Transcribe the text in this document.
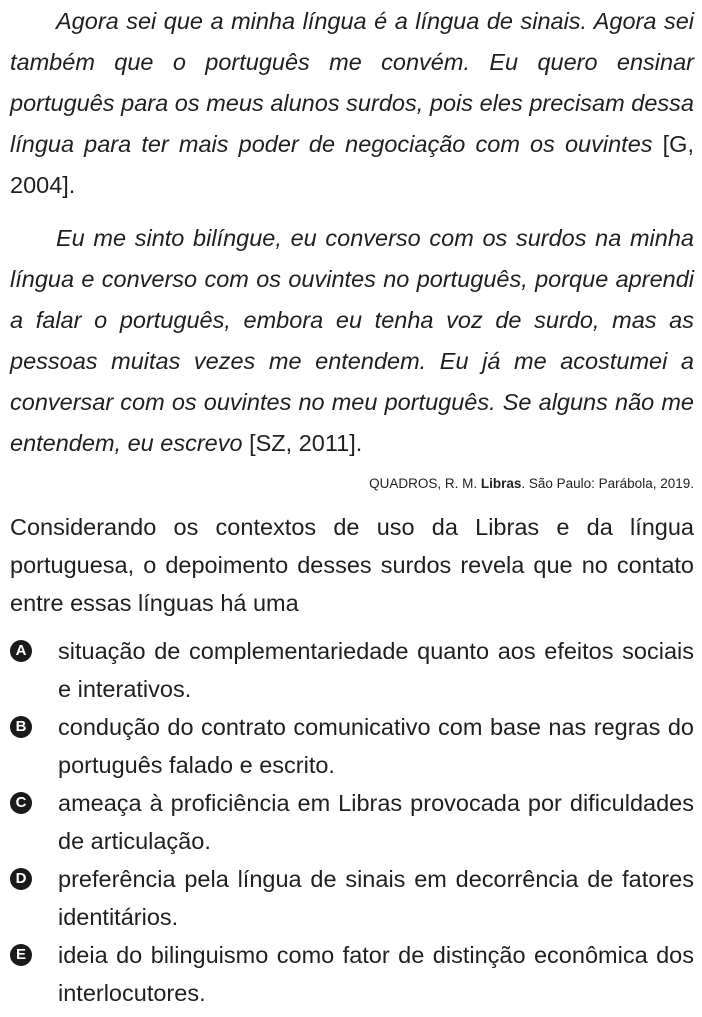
Agora sei que a minha língua é a língua de sinais. Agora sei também que o português me convém. Eu quero ensinar português para os meus alunos surdos, pois eles precisam dessa língua para ter mais poder de negociação com os ouvintes [G, 2004].

Eu me sinto bilíngue, eu converso com os surdos na minha língua e converso com os ouvintes no português, porque aprendi a falar o português, embora eu tenha voz de surdo, mas as pessoas muitas vezes me entendem. Eu já me acostumei a conversar com os ouvintes no meu português. Se alguns não me entendem, eu escrevo [SZ, 2011].

QUADROS, R. M. Libras. São Paulo: Parábola, 2019.

Considerando os contextos de uso da Libras e da língua portuguesa, o depoimento desses surdos revela que no contato entre essas línguas há uma

A situação de complementariedade quanto aos efeitos sociais e interativos.
B condução do contrato comunicativo com base nas regras do português falado e escrito.
C ameaça à proficiência em Libras provocada por dificuldades de articulação.
D preferência pela língua de sinais em decorrência de fatores identitários.
E ideia do bilinguismo como fator de distinção econômica dos interlocutores.
